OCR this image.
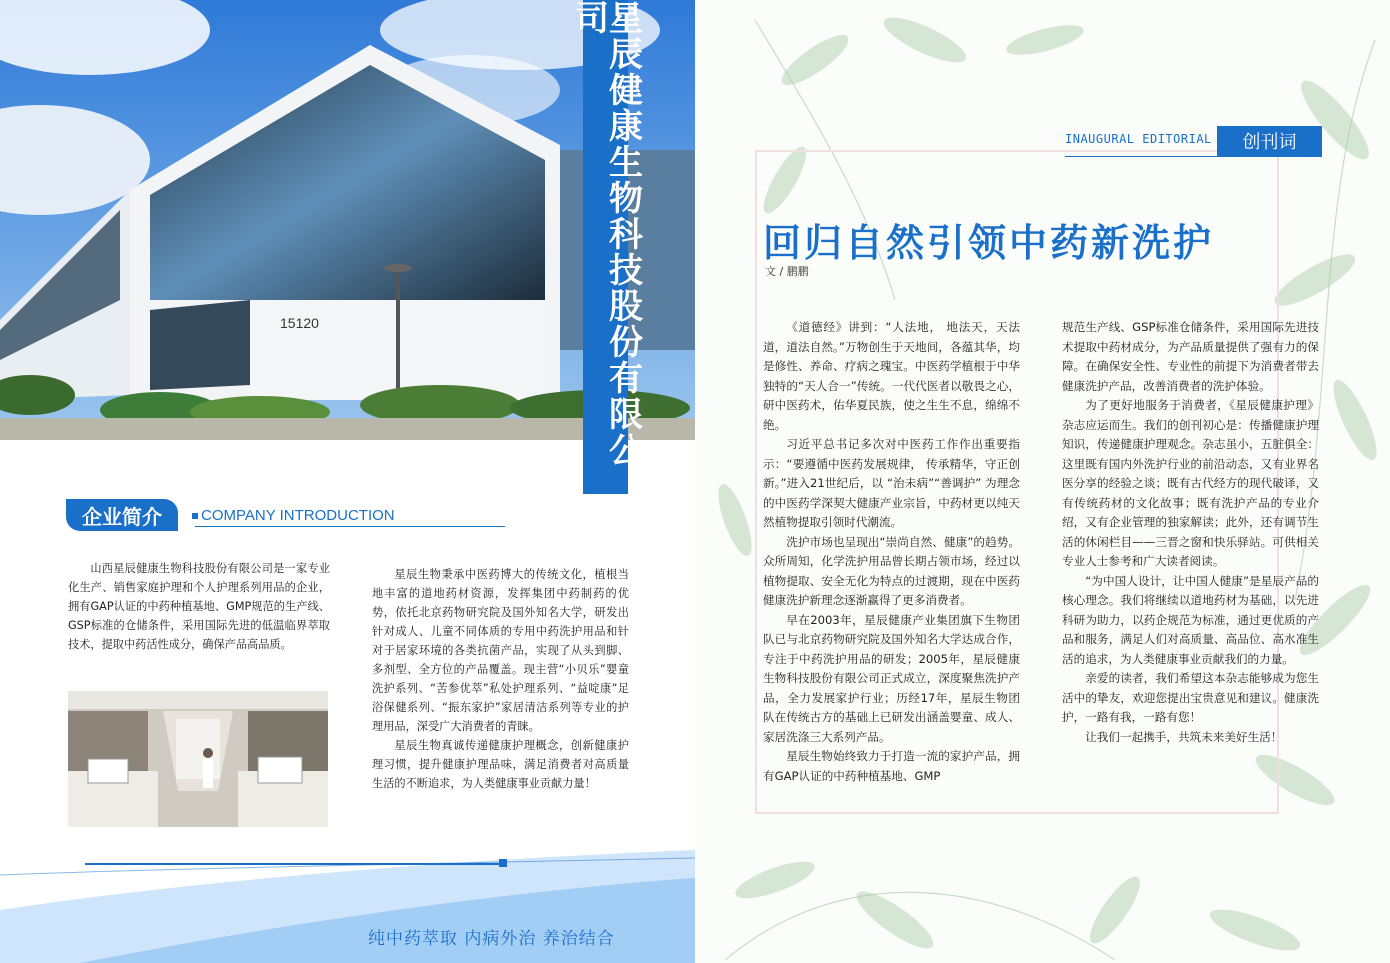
15120	星辰健康生物科技股份有限公司
企业简介	COMPANY INTRODUCTION

山西星辰健康生物科技股份有限公司是一家专业化生产、销售家庭护理和个人护理系列用品的企业，拥有GAP认证的中药种植基地、GMP规范的生产线、GSP标准的仓储条件，采用国际先进的低温临界萃取技术，提取中药活性成分，确保产品高品质。

星辰生物秉承中医药博大的传统文化，植根当地丰富的道地药材资源，发挥集团中药制药的优势，依托北京药物研究院及国外知名大学，研发出针对成人、儿童不同体质的专用中药洗护用品和针对于居家环境的各类抗菌产品，实现了从头到脚、多剂型、全方位的产品覆盖。现主营“小贝乐”婴童洗护系列、“苦参优萃”私处护理系列、“益啶康”足浴保健系列、“振东家护”家居清洁系列等专业的护理用品，深受广大消费者的青睐。

星辰生物真诚传递健康护理概念，创新健康护理习惯，提升健康护理品味，满足消费者对高质量生活的不断追求，为人类健康事业贡献力量！

纯中药萃取 内病外治 养治结合
INAUGURAL EDITORIAL	创刊词
回归自然引领中药新洗护
文 / 鹏鹏

《道德经》讲到：“人法地， 地法天，天法道，道法自然。”万物创生于天地间，各蕴其华，均是修性、养命、疗病之瑰宝。中医药学植根于中华独特的“天人合一”传统。一代代医者以敬畏之心，研中医药术，佑华夏民族，使之生生不息，绵绵不绝。

习近平总书记多次对中医药工作作出重要指示：“要遵循中医药发展规律， 传承精华，守正创新。”进入21世纪后，以 “治未病”“善调护” 为理念的中医药学深契大健康产业宗旨，中药材更以纯天然植物提取引领时代潮流。

洗护市场也呈现出“崇尚自然、健康”的趋势。众所周知，化学洗护用品曾长期占领市场，经过以植物提取、安全无化为特点的过渡期，现在中医药健康洗护新理念逐渐赢得了更多消费者。

早在2003年，星辰健康产业集团旗下生物团队已与北京药物研究院及国外知名大学达成合作，专注于中药洗护用品的研发；2005年，星辰健康生物科技股份有限公司正式成立，深度聚焦洗护产品，全力发展家护行业；历经17年，星辰生物团队在传统古方的基础上已研发出涵盖婴童、成人、家居洗涤三大系列产品。

星辰生物始终致力于打造一流的家护产品，拥有GAP认证的中药种植基地、GMP

规范生产线、GSP标准仓储条件，采用国际先进技术提取中药材成分，为产品质量提供了强有力的保障。在确保安全性、专业性的前提下为消费者带去健康洗护产品，改善消费者的洗护体验。

为了更好地服务于消费者，《星辰健康护理》杂志应运而生。我们的创刊初心是：传播健康护理知识，传递健康护理观念。杂志虽小，五脏俱全：这里既有国内外洗护行业的前沿动态，又有业界名医分享的经验之谈；既有古代经方的现代破译，又有传统药材的文化故事；既有洗护产品的专业介绍，又有企业管理的独家解读；此外，还有调节生活的休闲栏目——三晋之窗和快乐驿站。可供相关专业人士参考和广大读者阅读。

“为中国人设计，让中国人健康”是星辰产品的核心理念。我们将继续以道地药材为基础，以先进科研为助力，以药企规范为标准，通过更优质的产品和服务，满足人们对高质量、高品位、高水准生活的追求，为人类健康事业贡献我们的力量。

亲爱的读者，我们希望这本杂志能够成为您生活中的挚友，欢迎您提出宝贵意见和建议。健康洗护，一路有我，一路有您！

让我们一起携手，共筑未来美好生活！
